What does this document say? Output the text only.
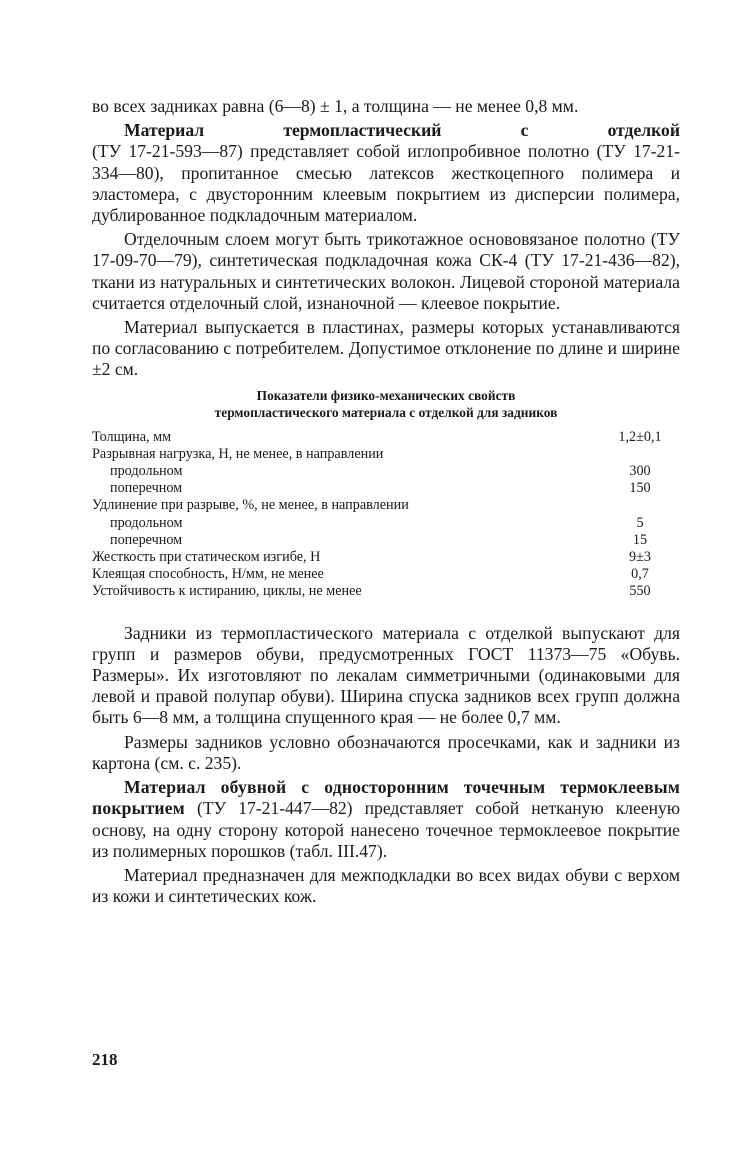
во всех задниках равна (6—8) ± 1, а толщина — не менее 0,8 мм.

Материал	термопластический	с	отделкой

(ТУ 17-21-593—87) представляет собой иглопробивное полотно (ТУ 17-21-334—80), пропитанное смесью латексов жесткоцепного полимера и эластомера, с двусторонним клеевым покрытием из дисперсии полимера, дублированное подкладочным материалом.

Отделочным слоем могут быть трикотажное основовязаное полотно (ТУ 17-09-70—79), синтетическая подкладочная кожа СК-4 (ТУ 17-21-436—82), ткани из натуральных и синтетических волокон. Лицевой стороной материала считается отделочный слой, изнаночной — клеевое покрытие.

Материал выпускается в пластинах, размеры которых устанавливаются по согласованию с потребителем. Допустимое отклонение по длине и ширине ±2 см.

Показатели физико-механических свойств
термопластического материала с отделкой для задников
Толщина, мм	1,2±0,1
Разрывная нагрузка, Н, не менее, в направлении
продольном	300
поперечном	150
Удлинение при разрыве, %, не менее, в направлении
продольном	5
поперечном	15
Жесткость при статическом изгибе, Н	9±3
Клеящая способность, Н/мм, не менее	0,7
Устойчивость к истиранию, циклы, не менее	550

Задники из термопластического материала с отделкой выпускают для групп и размеров обуви, предусмотренных ГОСТ 11373—75 «Обувь. Размеры». Их изготовляют по лекалам симметричными (одинаковыми для левой и правой полупар обуви). Ширина спуска задников всех групп должна быть 6—8 мм, а толщина спущенного края — не более 0,7 мм.

Размеры задников условно обозначаются просечками, как и задники из картона (см. с. 235).

Материал обувной с односторонним точечным термоклеевым покрытием (ТУ 17-21-447—82) представляет собой нетканую клееную основу, на одну сторону которой нанесено точечное термоклеевое покрытие из полимерных порошков (табл. III.47).

Материал предназначен для межподкладки во всех видах обуви с верхом из кожи и синтетических кож.

218
